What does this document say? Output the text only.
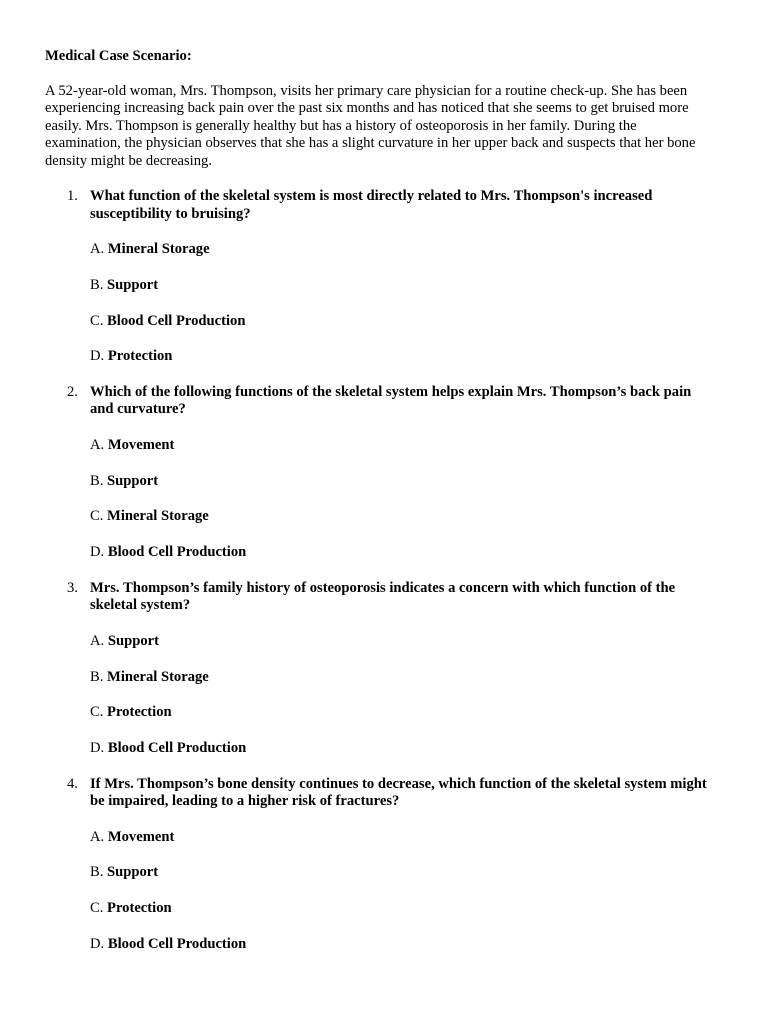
Medical Case Scenario:

A 52-year-old woman, Mrs. Thompson, visits her primary care physician for a routine check-up. She has been experiencing increasing back pain over the past six months and has noticed that she seems to get bruised more easily. Mrs. Thompson is generally healthy but has a history of osteoporosis in her family. During the examination, the physician observes that she has a slight curvature in her upper back and suspects that her bone density might be decreasing.

1. What function of the skeletal system is most directly related to Mrs. Thompson's increased susceptibility to bruising?

A. Mineral Storage
B. Support
C. Blood Cell Production
D. Protection
2. Which of the following functions of the skeletal system helps explain Mrs. Thompson’s back pain and curvature?

A. Movement
B. Support
C. Mineral Storage
D. Blood Cell Production
3. Mrs. Thompson’s family history of osteoporosis indicates a concern with which function of the skeletal system?

A. Support
B. Mineral Storage
C. Protection
D. Blood Cell Production
4. If Mrs. Thompson’s bone density continues to decrease, which function of the skeletal system might be impaired, leading to a higher risk of fractures?

A. Movement
B. Support
C. Protection
D. Blood Cell Production
